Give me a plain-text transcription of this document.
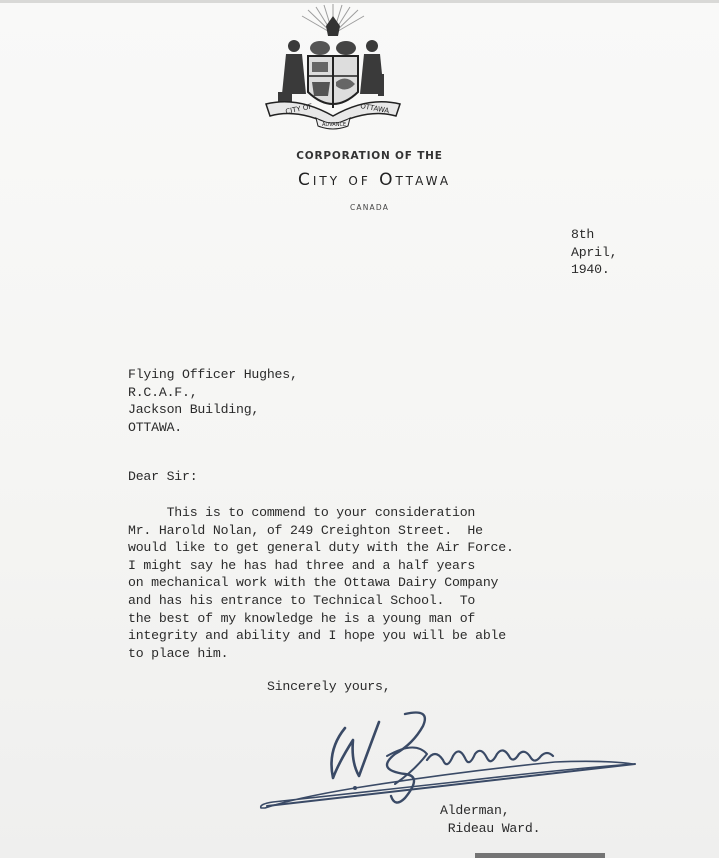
CITY OF	OTTAWA
ADVANCE
CORPORATION OF THE
City of Ottawa
CANADA
8th
April,
1940.
Flying Officer Hughes,
R.C.A.F.,
Jackson Building,
OTTAWA.
Dear Sir:
This is to commend to your consideration
Mr. Harold Nolan, of 249 Creighton Street.  He
would like to get general duty with the Air Force.
I might say he has had three and a half years
on mechanical work with the Ottawa Dairy Company
and has his entrance to Technical School.  To
the best of my knowledge he is a young man of
integrity and ability and I hope you will be able
to place him.
Sincerely yours,
Alderman,
Rideau Ward.
